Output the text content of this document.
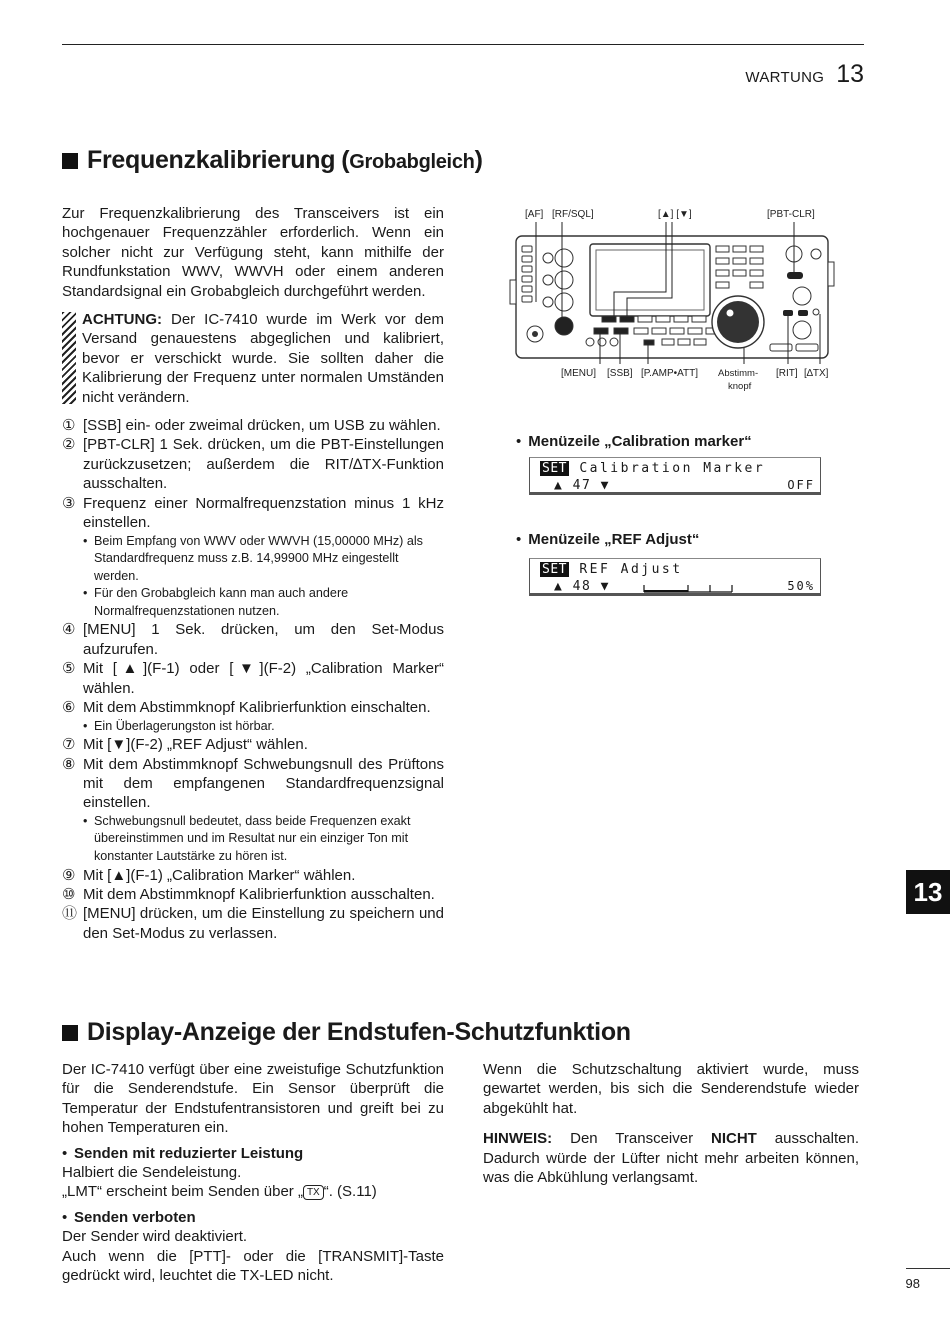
WARTUNG 13
Frequenzkalibrierung ( Grobabgleich )

Zur Frequenzkalibrierung des Transceivers ist ein hochgenauer Frequenzzähler erforderlich. Wenn ein solcher nicht zur Verfügung steht, kann mithilfe der Rundfunkstation WWV, WWVH oder einem anderen Standardsignal ein Grobabgleich durchgeführt werden.

ACHTUNG: Der IC-7410 wurde im Werk vor dem Versand genauestens abgeglichen und kalibriert, bevor er verschickt wurde. Sie sollten daher die Kalibrierung der Frequenz unter normalen Umständen nicht verändern.
① [SSB] ein- oder zweimal drücken, um USB zu wählen.
② [PBT-CLR] 1 Sek. drücken, um die PBT-Einstellungen zurückzusetzen; außerdem die RIT/∆TX-Funktion ausschalten.
③ Frequenz einer Normalfrequenzstation minus 1 kHz einstellen.
• Beim Empfang von WWV oder WWVH (15,00000 MHz) als Standardfrequenz muss z.B. 14,99900 MHz eingestellt werden.
• Für den Grobabgleich kann man auch andere Normalfrequenzstationen nutzen.
④ [MENU] 1 Sek. drücken, um den Set-Modus aufzurufen.
⑤ Mit [▲](F-1) oder [▼](F-2) „Calibration Marker“ wählen.
⑥ Mit dem Abstimmknopf Kalibrierfunktion einschalten.
• Ein Überlagerungston ist hörbar.
⑦ Mit [▼](F-2) „REF Adjust“ wählen.
⑧ Mit dem Abstimmknopf Schwebungsnull des Prüftons mit dem empfangenen Standardfrequenzsignal einstellen.
• Schwebungsnull bedeutet, dass beide Frequenzen exakt übereinstimmen und im Resultat nur ein einziger Ton mit konstanter Lautstärke zu hören ist.
⑨ Mit [▲](F-1) „Calibration Marker“ wählen.
⑩ Mit dem Abstimmknopf Kalibrierfunktion ausschalten.
⑪ [MENU] drücken, um die Einstellung zu speichern und den Set-Modus zu verlassen.
[AF] [RF/SQL]	[▲] [▼]	[PBT-CLR]
[MENU] [SSB] [P.AMP•ATT] Abstimm-
knopf
[RIT] [∆TX]
• Menüzeile „Calibration marker“
SET Calibration Marker
▲ 47 ▼	OFF
• Menüzeile „REF Adjust“
SET REF Adjust
▲ 48 ▼	50%
Display-Anzeige der Endstufen-Schutzfunktion

Der IC-7410 verfügt über eine zweistufige Schutzfunktion für die Senderendstufe. Ein Sensor überprüft die Temperatur der Endstufentransistoren und greift bei zu hohen Temperaturen ein.

• Senden mit reduzierter Leistung

Halbiert die Sendeleistung.

„LMT“ erscheint beim Senden über „ TX “. (S.11)

• Senden verboten

Der Sender wird deaktiviert.

Auch wenn die [PTT]- oder die [TRANSMIT]-Taste gedrückt wird, leuchtet die TX-LED nicht.

Wenn die Schutzschaltung aktiviert wurde, muss gewartet werden, bis sich die Senderendstufe wieder abgekühlt hat.

HINWEIS: Den Transceiver NICHT ausschalten. Dadurch würde der Lüfter nicht mehr arbeiten können, was die Abkühlung verlangsamt.

13
98
